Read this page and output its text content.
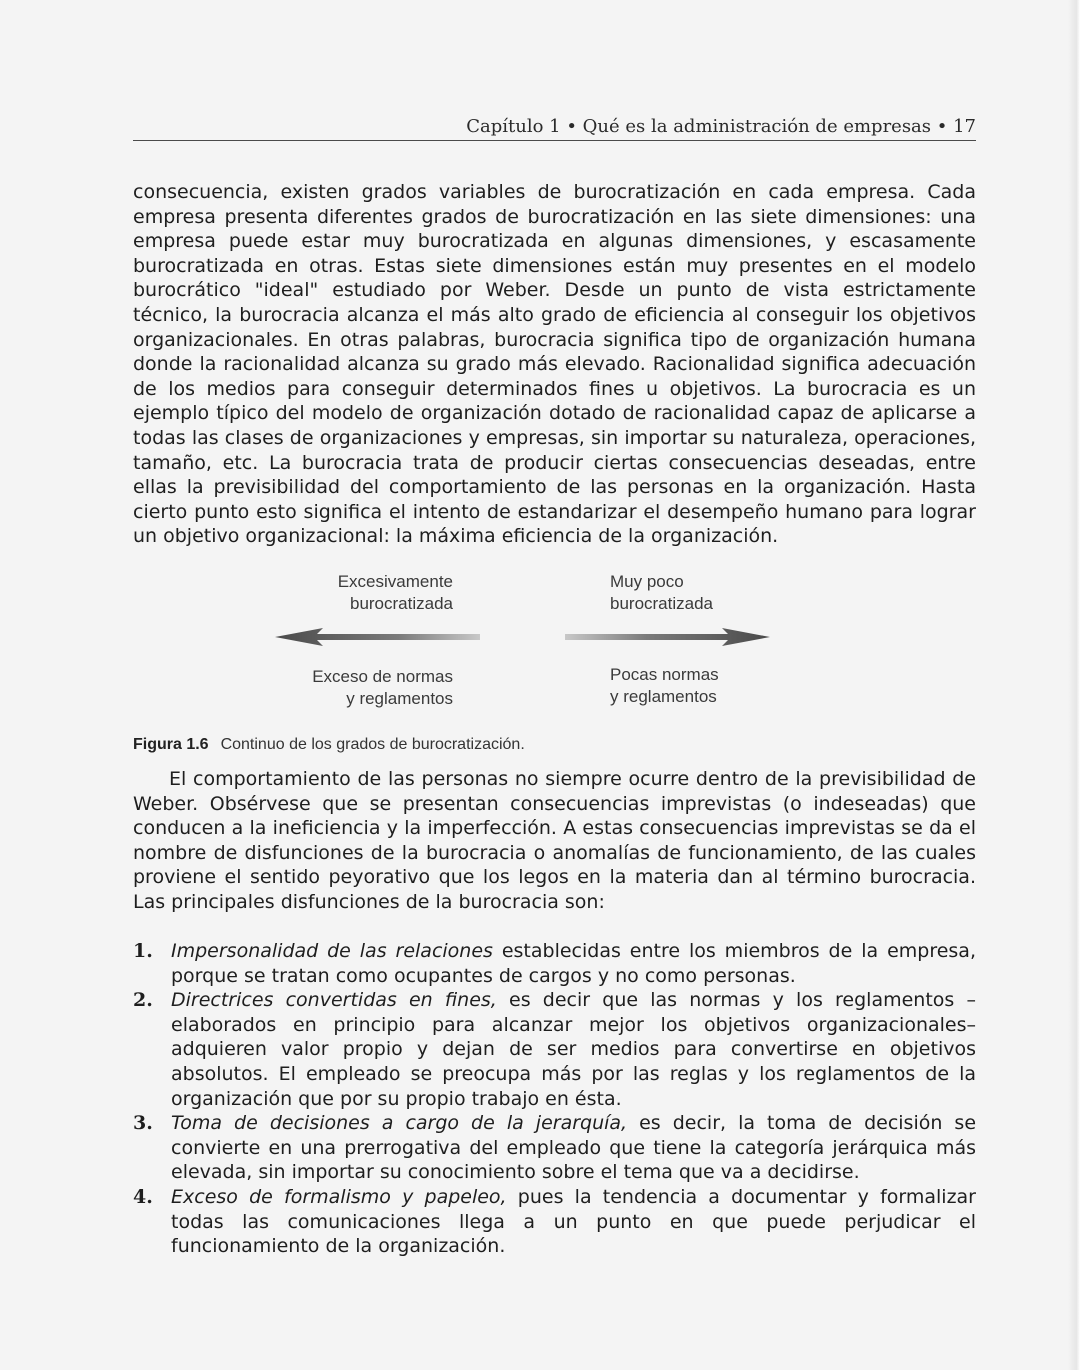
Capítulo 1 • Qué es la administración de empresas • 17

consecuencia, existen grados variables de burocratización en cada empresa. Cada empresa presenta diferentes grados de burocratización en las siete dimensiones: una empresa puede estar muy burocratizada en algunas dimensiones, y escasamente burocratizada en otras. Estas siete dimensiones están muy presentes en el modelo burocrático "ideal" estudiado por Weber. Desde un punto de vista estrictamente técnico, la burocracia alcanza el más alto grado de eficiencia al conseguir los objetivos organizacionales. En otras palabras, burocracia significa tipo de organización humana donde la racionalidad alcanza su grado más elevado. Racionalidad significa adecuación de los medios para conseguir determinados fines u objetivos. La burocracia es un ejemplo típico del modelo de organización dotado de racionalidad capaz de aplicarse a todas las clases de organizaciones y empresas, sin importar su naturaleza, operaciones, tamaño, etc. La burocracia trata de producir ciertas consecuencias deseadas, entre ellas la previsibilidad del comportamiento de las personas en la organización. Hasta cierto punto esto significa el intento de estandarizar el desempeño humano para lograr un objetivo organizacional: la máxima eficiencia de la organización.

Excesivamente
burocratizada
Exceso de normas
y reglamentos
Muy poco
burocratizada
Pocas normas
y reglamentos
Figura 1.6 Continuo de los grados de burocratización.

El comportamiento de las personas no siempre ocurre dentro de la previsibilidad de Weber. Obsérvese que se presentan consecuencias imprevistas (o indeseadas) que conducen a la ineficiencia y la imperfección. A estas consecuencias imprevistas se da el nombre de disfunciones de la burocracia o anomalías de funcionamiento, de las cuales proviene el sentido peyorativo que los legos en la materia dan al término burocracia. Las principales disfunciones de la burocracia son:

1. Impersonalidad de las relaciones establecidas entre los miembros de la empresa, porque se tratan como ocupantes de cargos y no como personas.
2. Directrices convertidas en fines, es decir que las normas y los reglamentos –elaborados en principio para alcanzar mejor los objetivos organizacionales– adquieren valor propio y dejan de ser medios para convertirse en objetivos absolutos. El empleado se preocupa más por las reglas y los reglamentos de la organización que por su propio trabajo en ésta.
3. Toma de decisiones a cargo de la jerarquía, es decir, la toma de decisión se convierte en una prerrogativa del empleado que tiene la categoría jerárquica más elevada, sin importar su conocimiento sobre el tema que va a decidirse.
4. Exceso de formalismo y papeleo, pues la tendencia a documentar y formalizar todas las comunicaciones llega a un punto en que puede perjudicar el funcionamiento de la organización.
